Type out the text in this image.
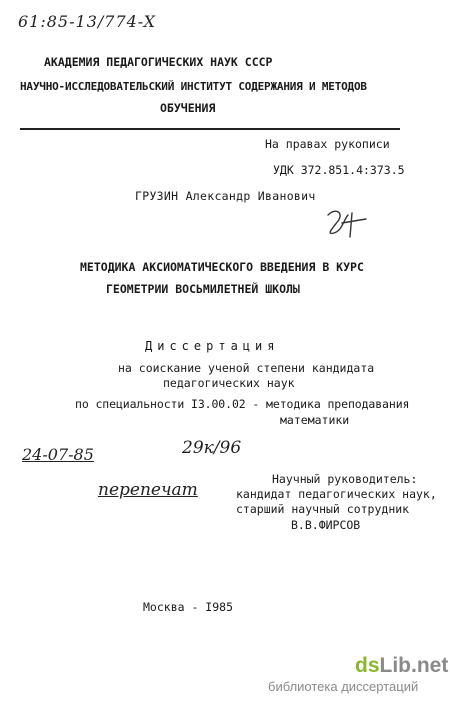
61:85-13/774-X
АКАДЕМИЯ ПЕДАГОГИЧЕСКИХ НАУК СССР
НАУЧНО-ИССЛЕДОВАТЕЛЬСКИЙ ИНСТИТУТ СОДЕРЖАНИЯ И МЕТОДОВ
ОБУЧЕНИЯ
На правах рукописи
УДК 372.851.4:373.5
ГРУЗИН Александр Иванович
МЕТОДИКА АКСИОМАТИЧЕСКОГО ВВЕДЕНИЯ В КУРС
ГЕОМЕТРИИ ВОСЬМИЛЕТНЕЙ ШКОЛЫ
Диссертация
на соискание ученой степени кандидата
педагогических наук
по специальности I3.00.02 - методика преподавания
математики
24-07-85	29к/96
перепечат
Научный руководитель:
кандидат педагогических наук,
старший научный сотрудник
В.В.ФИРСОВ
Москва - I985
dsLib.net
библиотека диссертаций
